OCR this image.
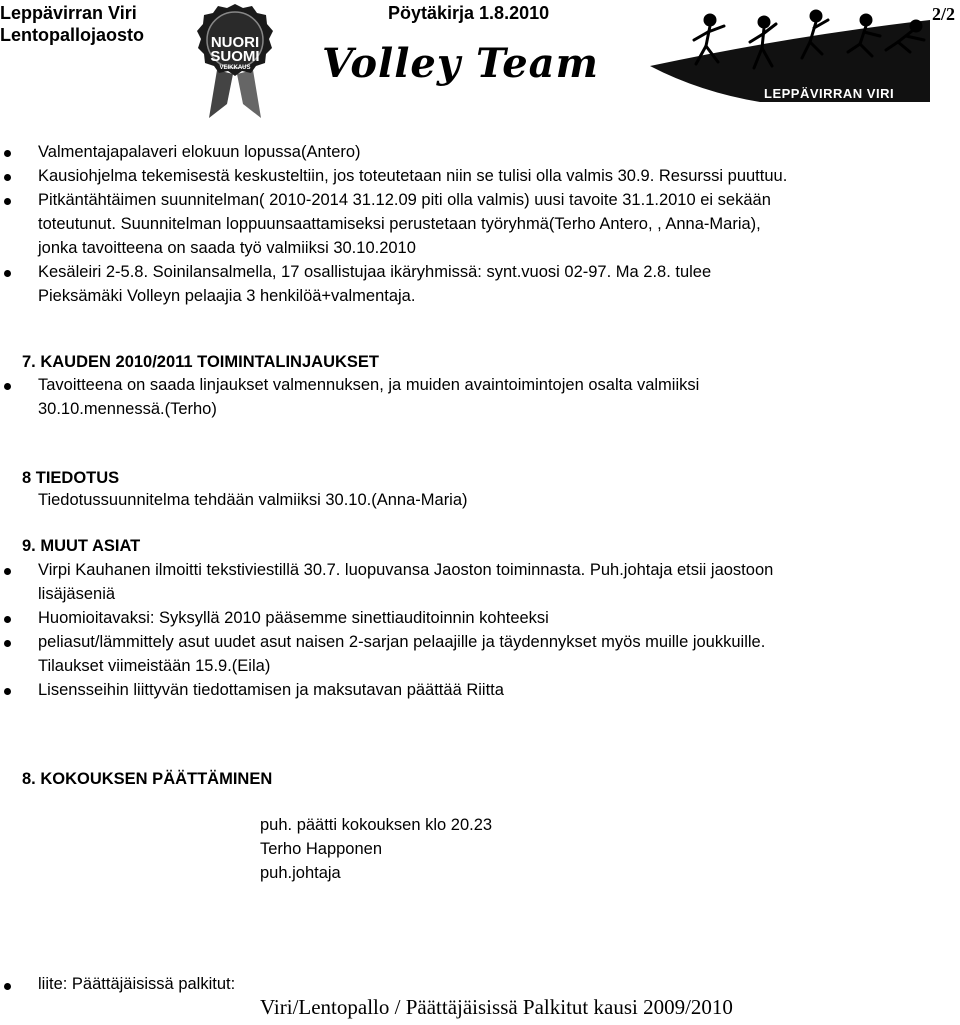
Leppävirran Viri
Lentopallojaosto
Pöytäkirja 1.8.2010	2/2
NUORI
SUOMI
VEIKKAUS	Volley Team
LEPPÄVIRRAN VIRI
Valmentajapalaveri elokuun lopussa(Antero)
Kausiohjelma tekemisestä keskusteltiin, jos toteutetaan niin se tulisi olla valmis 30.9. Resurssi puuttuu.
Pitkäntähtäimen suunnitelman( 2010-2014 31.12.09 piti olla valmis) uusi tavoite 31.1.2010 ei sekään
toteutunut. Suunnitelman loppuunsaattamiseksi perustetaan työryhmä(Terho Antero, , Anna-Maria),
jonka tavoitteena on saada työ valmiiksi 30.10.2010
Kesäleiri 2-5.8. Soinilansalmella, 17 osallistujaa ikäryhmissä: synt.vuosi 02-97. Ma 2.8. tulee
Pieksämäki Volleyn pelaajia 3 henkilöä+valmentaja.
7. KAUDEN 2010/2011 TOIMINTALINJAUKSET
Tavoitteena on saada linjaukset valmennuksen, ja muiden avaintoimintojen osalta valmiiksi
30.10.mennessä.(Terho)
8 TIEDOTUS
Tiedotussuunnitelma tehdään valmiiksi 30.10.(Anna-Maria)
9. MUUT ASIAT
Virpi Kauhanen ilmoitti tekstiviestillä 30.7. luopuvansa Jaoston toiminnasta. Puh.johtaja etsii jaostoon
lisäjäseniä
Huomioitavaksi: Syksyllä 2010 pääsemme sinettiauditoinnin kohteeksi
peliasut/lämmittely asut uudet asut naisen 2-sarjan pelaajille ja täydennykset myös muille joukkuille.
Tilaukset viimeistään 15.9.(Eila)
Lisensseihin liittyvän tiedottamisen ja maksutavan päättää Riitta
8. KOKOUKSEN PÄÄTTÄMINEN
puh. päätti kokouksen klo 20.23
Terho Happonen
puh.johtaja
liite: Päättäjäisissä palkitut:
Viri/Lentopallo / Päättäjäisissä Palkitut kausi 2009/2010
